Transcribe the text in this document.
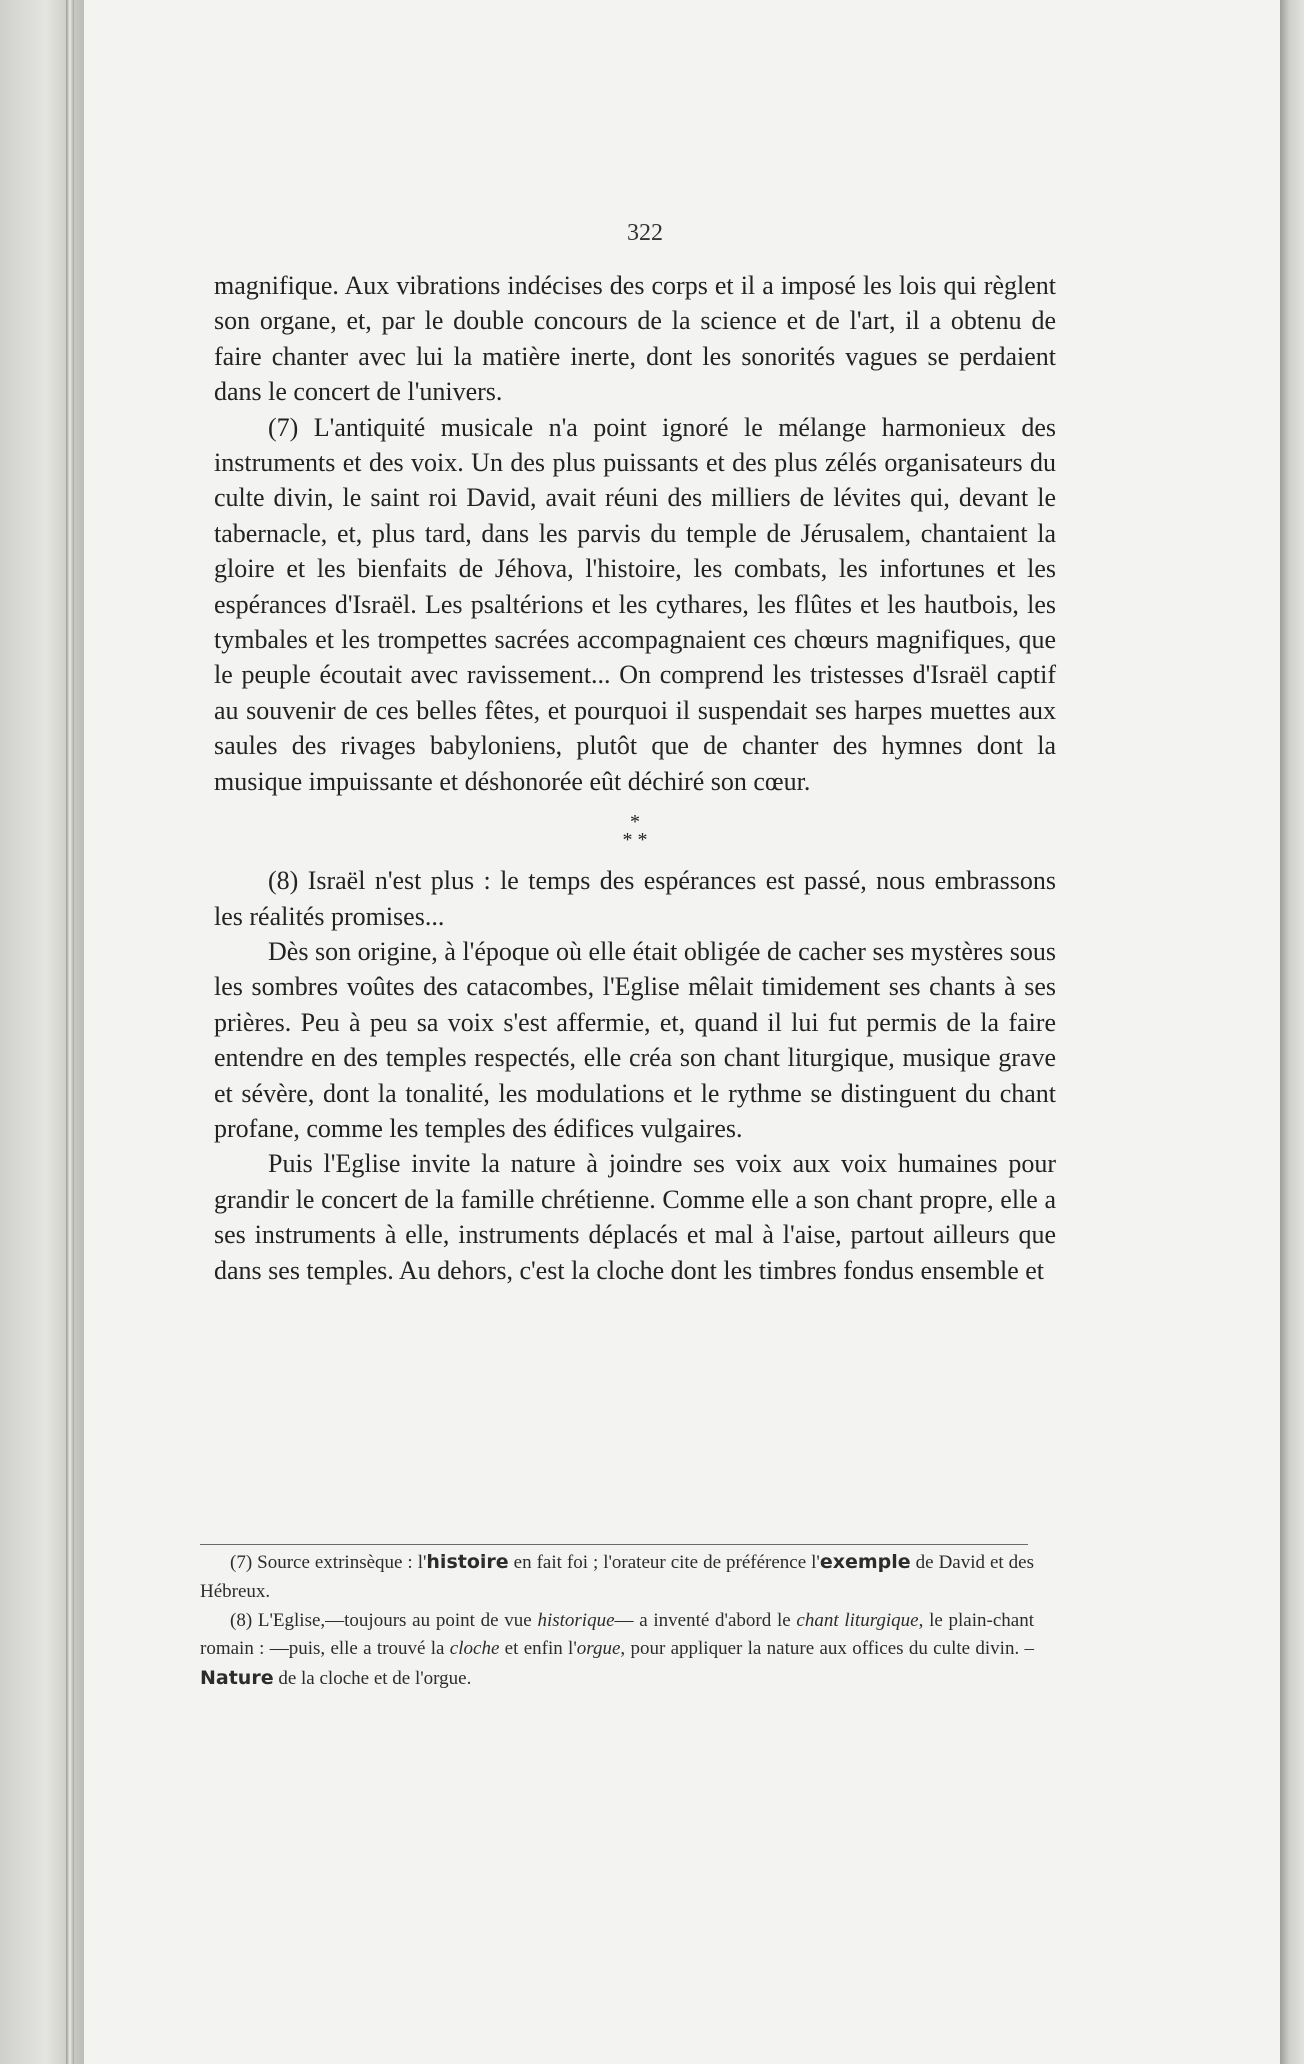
322

magnifique. Aux vibrations indécises des corps et il a imposé les lois qui règlent son organe, et, par le double concours de la science et de l'art, il a obtenu de faire chanter avec lui la matière inerte, dont les sonorités vagues se perdaient dans le concert de l'univers.

(7) L'antiquité musicale n'a point ignoré le mélange harmonieux des instruments et des voix. Un des plus puissants et des plus zélés organisateurs du culte divin, le saint roi David, avait réuni des milliers de lévites qui, devant le tabernacle, et, plus tard, dans les parvis du temple de Jérusalem, chantaient la gloire et les bienfaits de Jéhova, l'histoire, les combats, les infortunes et les espérances d'Israël. Les psaltérions et les cythares, les flûtes et les hautbois, les tymbales et les trompettes sacrées accompagnaient ces chœurs magnifiques, que le peuple écoutait avec ravissement... On comprend les tristesses d'Israël captif au souvenir de ces belles fêtes, et pourquoi il suspendait ses harpes muettes aux saules des rivages babyloniens, plutôt que de chanter des hymnes dont la musique impuissante et déshonorée eût déchiré son cœur.

*
* *

(8) Israël n'est plus : le temps des espérances est passé, nous embrassons les réalités promises...

Dès son origine, à l'époque où elle était obligée de cacher ses mystères sous les sombres voûtes des catacombes, l'Eglise mêlait timidement ses chants à ses prières. Peu à peu sa voix s'est affermie, et, quand il lui fut permis de la faire entendre en des temples respectés, elle créa son chant liturgique, musique grave et sévère, dont la tonalité, les modulations et le rythme se distinguent du chant profane, comme les temples des édifices vulgaires.

Puis l'Eglise invite la nature à joindre ses voix aux voix humaines pour grandir le concert de la famille chrétienne. Comme elle a son chant propre, elle a ses instruments à elle, instruments déplacés et mal à l'aise, partout ailleurs que dans ses temples. Au dehors, c'est la cloche dont les timbres fondus ensemble et

(7) Source extrinsèque : l'histoire en fait foi ; l'orateur cite de préférence l'exemple de David et des Hébreux.

(8) L'Eglise,—toujours au point de vue historique— a inventé d'abord le chant liturgique, le plain-chant romain : —puis, elle a trouvé la cloche et enfin l'orgue, pour appliquer la nature aux offices du culte divin. –Nature de la cloche et de l'orgue.
